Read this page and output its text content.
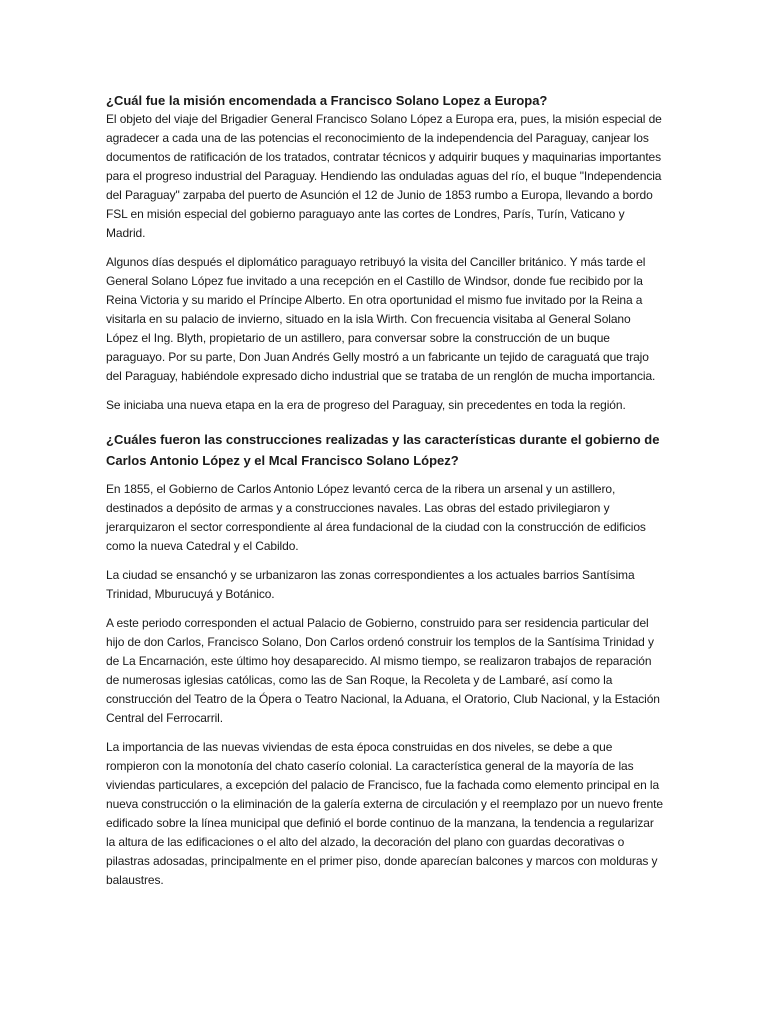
¿Cuál fue la misión encomendada a Francisco Solano Lopez a Europa?

El objeto del viaje del Brigadier General Francisco Solano López a Europa era, pues, la misión especial de agradecer a cada una de las potencias el reconocimiento de la independencia del Paraguay, canjear los documentos de ratificación de los tratados, contratar técnicos y adquirir buques y maquinarias importantes para el progreso industrial del Paraguay. Hendiendo las onduladas aguas del río, el buque "Independencia del Paraguay" zarpaba del puerto de Asunción el 12 de Junio de 1853 rumbo a Europa, llevando a bordo FSL en misión especial del gobierno paraguayo ante las cortes de Londres, París, Turín, Vaticano y Madrid.

Algunos días después el diplomático paraguayo retribuyó la visita del Canciller británico. Y más tarde el General Solano López fue invitado a una recepción en el Castillo de Windsor, donde fue recibido por la Reina Victoria y su marido el Príncipe Alberto. En otra oportunidad el mismo fue invitado por la Reina a visitarla en su palacio de invierno, situado en la isla Wirth. Con frecuencia visitaba al General Solano López el Ing. Blyth, propietario de un astillero, para conversar sobre la construcción de un buque paraguayo. Por su parte, Don Juan Andrés Gelly mostró a un fabricante un tejido de caraguatá que trajo del Paraguay, habiéndole expresado dicho industrial que se trataba de un renglón de mucha importancia.

Se iniciaba una nueva etapa en la era de progreso del Paraguay, sin precedentes en toda la región.

¿Cuáles fueron las construcciones realizadas y las características durante el gobierno de Carlos Antonio López y el Mcal Francisco Solano López?

En 1855, el Gobierno de Carlos Antonio López levantó cerca de la ribera un arsenal y un astillero, destinados a depósito de armas y a construcciones navales. Las obras del estado privilegiaron y jerarquizaron el sector correspondiente al área fundacional de la ciudad con la construcción de edificios como la nueva Catedral y el Cabildo.

La ciudad se ensanchó y se urbanizaron las zonas correspondientes a los actuales barrios Santísima Trinidad, Mburucuyá y Botánico.

A este periodo corresponden el actual Palacio de Gobierno, construido para ser residencia particular del hijo de don Carlos, Francisco Solano, Don Carlos ordenó construir los templos de la Santísima Trinidad y de La Encarnación, este último hoy desaparecido. Al mismo tiempo, se realizaron trabajos de reparación de numerosas iglesias católicas, como las de San Roque, la Recoleta y de Lambaré, así como la construcción del Teatro de la Ópera o Teatro Nacional, la Aduana, el Oratorio, Club Nacional, y la Estación Central del Ferrocarril.

La importancia de las nuevas viviendas de esta época construidas en dos niveles, se debe a que rompieron con la monotonía del chato caserío colonial. La característica general de la mayoría de las viviendas particulares, a excepción del palacio de Francisco, fue la fachada como elemento principal en la nueva construcción o la eliminación de la galería externa de circulación y el reemplazo por un nuevo frente edificado sobre la línea municipal que definió el borde continuo de la manzana, la tendencia a regularizar la altura de las edificaciones o el alto del alzado, la decoración del plano con guardas decorativas o pilastras adosadas, principalmente en el primer piso, donde aparecían balcones y marcos con molduras y balaustres.
